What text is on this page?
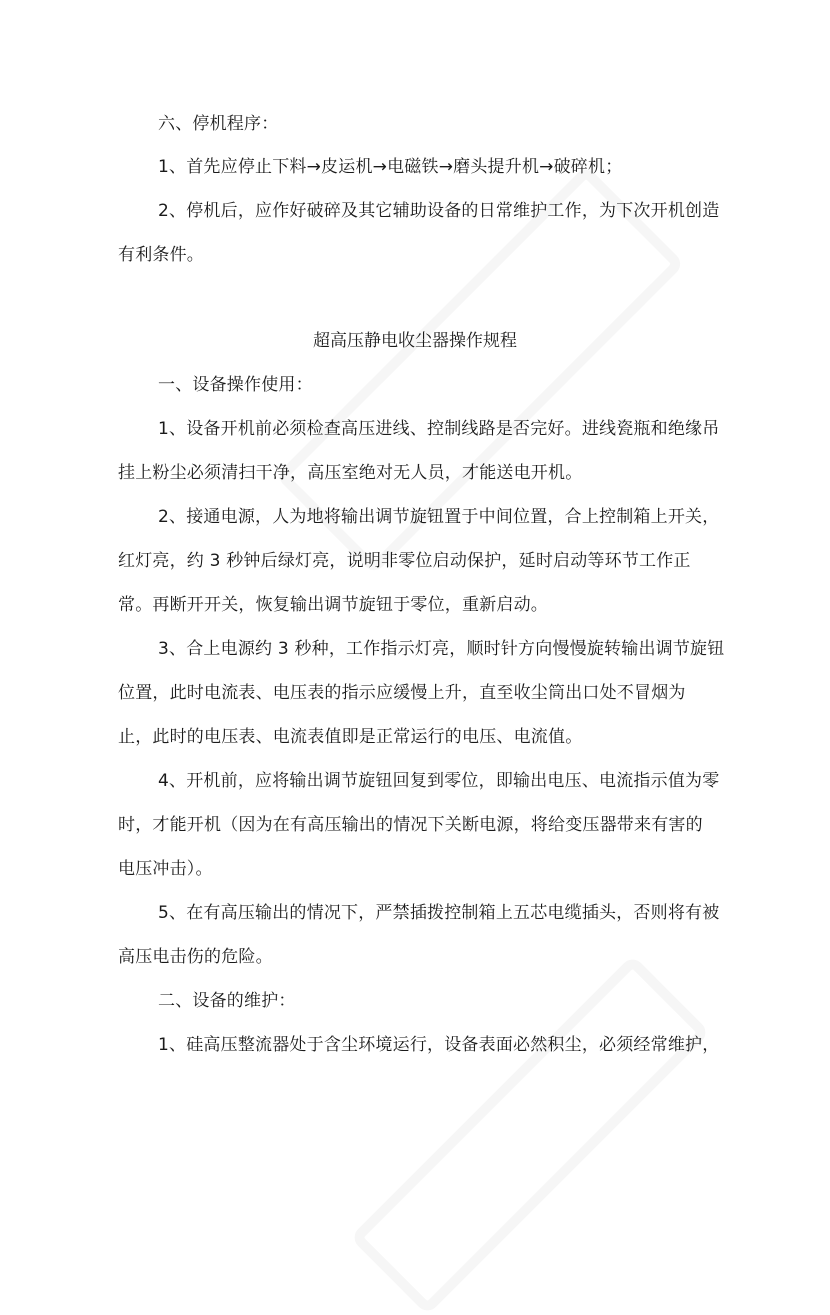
六、停机程序：

1、首先应停止下料→皮运机→电磁铁→磨头提升机→破碎机；

2、停机后，应作好破碎及其它辅助设备的日常维护工作，为下次开机创造

有利条件。

超高压静电收尘器操作规程

一、设备操作使用：

1、设备开机前必须检查高压进线、控制线路是否完好。进线瓷瓶和绝缘吊

挂上粉尘必须清扫干净，高压室绝对无人员，才能送电开机。

2、接通电源，人为地将输出调节旋钮置于中间位置，合上控制箱上开关，

红灯亮，约 3 秒钟后绿灯亮，说明非零位启动保护，延时启动等环节工作正

常。再断开开关，恢复输出调节旋钮于零位，重新启动。

3、合上电源约 3 秒种，工作指示灯亮，顺时针方向慢慢旋转输出调节旋钮

位置，此时电流表、电压表的指示应缓慢上升，直至收尘筒出口处不冒烟为

止，此时的电压表、电流表值即是正常运行的电压、电流值。

4、开机前，应将输出调节旋钮回复到零位，即输出电压、电流指示值为零

时，才能开机（因为在有高压输出的情况下关断电源，将给变压器带来有害的

电压冲击）。

5、在有高压输出的情况下，严禁插拨控制箱上五芯电缆插头，否则将有被

高压电击伤的危险。

二、设备的维护：

1、硅高压整流器处于含尘环境运行，设备表面必然积尘，必须经常维护，
